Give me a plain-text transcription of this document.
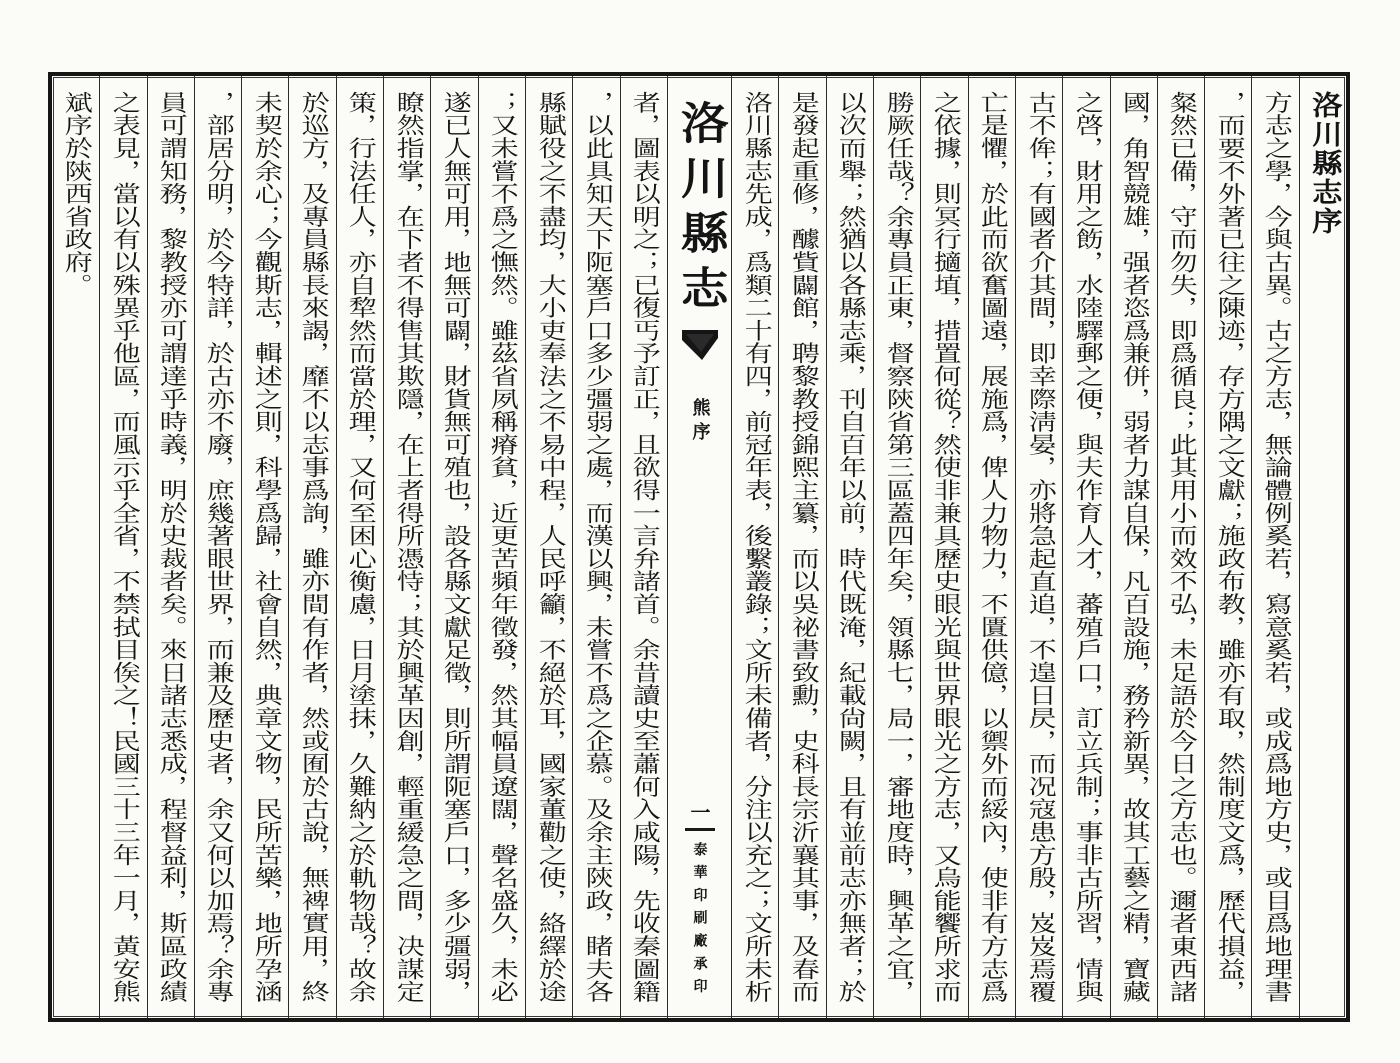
洛川縣志序
方志之學，今與古異。古之方志，無論體例奚若，寫意奚若，或成爲地方史，或目爲地理書
，而要不外著已往之陳迹，存方隅之文獻；施政布教，雖亦有取，然制度文爲，歷代損益，
粲然已備，守而勿失，即爲循良；此其用小而效不弘，未足語於今日之方志也。邇者東西諸
國，角智競雄，强者恣爲兼併，弱者力謀自保，凡百設施，務矜新異，故其工藝之精，寶藏
之啓，財用之飭，水陸驛郵之便，與夫作育人才，蕃殖戶口，訂立兵制；事非古所習，情與
古不侔；有國者介其間，即幸際淸晏，亦將急起直追，不遑日昃，而况寇患方殷，岌岌焉覆
亡是懼，於此而欲奮圖遠，展施爲，俾人力物力，不匱供億，以禦外而綏內，使非有方志爲
之依據，則冥行擿埴，措置何從？然使非兼具歷史眼光與世界眼光之方志，又烏能饗所求而
勝厥任哉？余專員正東，督察陝省第三區蓋四年矣，領縣七，局一，審地度時，興革之宜，
以次而舉；然猶以各縣志乘，刊自百年以前，時代既淹，紀載尙闕，且有並前志亦無者；於
是發起重修，醵貲闢館，聘黎教授錦熙主纂，而以吳祕書致勳，史科長宗沂襄其事，及春而
洛川縣志先成，爲類二十有四，前冠年表，後繫叢錄；文所未備者，分注以充之；文所未析
洛川縣志
熊序
一
泰華印刷廠承印
者，圖表以明之；已復丐予訂正，且欲得一言弁諸首。余昔讀史至蕭何入咸陽，先收秦圖籍
，以此具知天下阨塞戶口多少彊弱之處，而漢以興，未嘗不爲之企慕。及余主陝政，睹夫各
縣賦役之不盡均，大小吏奉法之不易中程，人民呼籲，不絕於耳，國家董勸之使，絡繹於途
；又未嘗不爲之憮然。雖茲省夙稱瘠貧，近更苦頻年徵發，然其幅員遼闊，聲名盛久，未必
遂已人無可用，地無可闢，財貨無可殖也，設各縣文獻足徵，則所謂阨塞戶口，多少彊弱，
瞭然指掌，在下者不得售其欺隱，在上者得所憑恃；其於興革因創，輕重緩急之間，决謀定
策，行法任人，亦自犂然而當於理，又何至困心衡慮，日月塗抹，久難納之於軌物哉？故余
於巡方，及專員縣長來謁，靡不以志事爲詢，雖亦間有作者，然或囿於古說，無裨實用，終
未契於余心；今觀斯志，輯述之則，科學爲歸，社會自然，典章文物，民所苦樂，地所孕涵
，部居分明，於今特詳，於古亦不廢，庶幾著眼世界，而兼及歷史者，余又何以加焉？余專
員可謂知務，黎教授亦可謂達乎時義，明於史裁者矣。來日諸志悉成，程督益利，斯區政績
之表見，當以有以殊異乎他區，而風示乎全省，不禁拭目俟之！民國三十三年一月，黃安熊
斌序於陝西省政府。
